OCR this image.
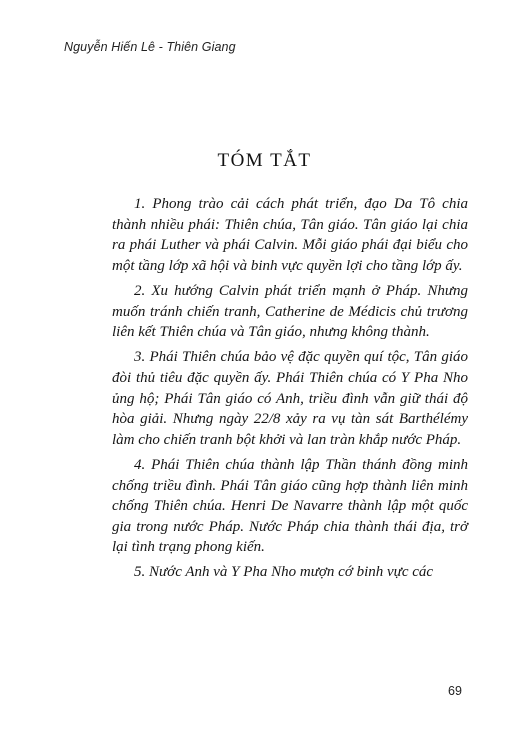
Nguyễn Hiến Lê - Thiên Giang
TÓM TẮT

1. Phong trào cải cách phát triển, đạo Da Tô chia thành nhiều phái: Thiên chúa, Tân giáo. Tân giáo lại chia ra phái Luther và phái Calvin. Mỗi giáo phái đại biểu cho một tầng lớp xã hội và binh vực quyền lợi cho tầng lớp ấy.

2. Xu hướng Calvin phát triển mạnh ở Pháp. Nhưng muốn tránh chiến tranh, Catherine de Médicis chủ trương liên kết Thiên chúa và Tân giáo, nhưng không thành.

3. Phái Thiên chúa bảo vệ đặc quyền quí tộc, Tân giáo đòi thủ tiêu đặc quyền ấy. Phái Thiên chúa có Y Pha Nho ủng hộ; Phái Tân giáo có Anh, triều đình vẫn giữ thái độ hòa giải. Nhưng ngày 22/8 xảy ra vụ tàn sát Barthélémy làm cho chiến tranh bột khởi và lan tràn khắp nước Pháp.

4. Phái Thiên chúa thành lập Thần thánh đồng minh chống triều đình. Phái Tân giáo cũng hợp thành liên minh chống Thiên chúa. Henri De Navarre thành lập một quốc gia trong nước Pháp. Nước Pháp chia thành thái địa, trở lại tình trạng phong kiến.

5. Nước Anh và Y Pha Nho mượn cớ binh vực các

69
